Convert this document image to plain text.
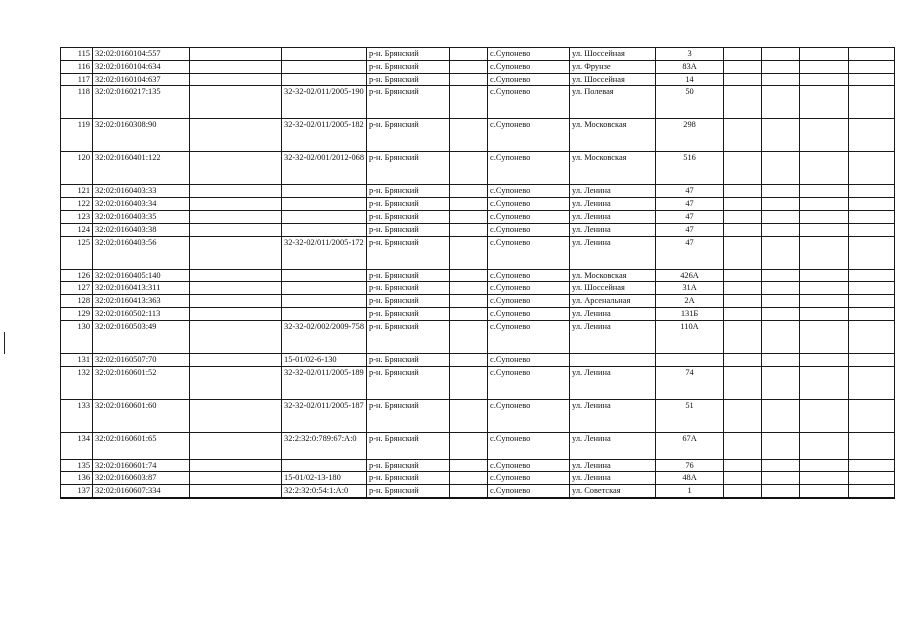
115	32:02:0160104:557			р-н. Брянский		с.Супонево	ул. Шоссейная	3				
116	32:02:0160104:634			р-н. Брянский		с.Супонево	ул. Фрунзе	83А				
117	32:02:0160104:637			р-н. Брянский		с.Супонево	ул. Шоссейная	14				
118	32:02:0160217:135		32-32-02/011/2005-190	р-н. Брянский		с.Супонево	ул. Полевая	50				
119	32:02:0160308:90		32-32-02/011/2005-182	р-н. Брянский		с.Супонево	ул. Московская	298				
120	32:02:0160401:122		32-32-02/001/2012-068	р-н. Брянский		с.Супонево	ул. Московская	516				
121	32:02:0160403:33			р-н. Брянский		с.Супонево	ул. Ленина	47				
122	32:02:0160403:34			р-н. Брянский		с.Супонево	ул. Ленина	47				
123	32:02:0160403:35			р-н. Брянский		с.Супонево	ул. Ленина	47				
124	32:02:0160403:38			р-н. Брянский		с.Супонево	ул. Ленина	47				
125	32:02:0160403:56		32-32-02/011/2005-172	р-н. Брянский		с.Супонево	ул. Ленина	47				
126	32:02:0160405:140			р-н. Брянский		с.Супонево	ул. Московская	426А				
127	32:02:0160413:311			р-н. Брянский		с.Супонево	ул. Шоссейная	31А				
128	32:02:0160413:363			р-н. Брянский		с.Супонево	ул. Арсенальная	2А				
129	32:02:0160502:113			р-н. Брянский		с.Супонево	ул. Ленина	131Б				
130	32:02:0160503:49		32-32-02/002/2009-758	р-н. Брянский		с.Супонево	ул. Ленина	110А				
131	32:02:0160507:70		15-01/02-6-130	р-н. Брянский		с.Супонево						
132	32:02:0160601:52		32-32-02/011/2005-189	р-н. Брянский		с.Супонево	ул. Ленина	74				
133	32:02:0160601:60		32-32-02/011/2005-187	р-н. Брянский		с.Супонево	ул. Ленина	51				
134	32:02:0160601:65		32:2:32:0:789:67:А:0	р-н. Брянский		с.Супонево	ул. Ленина	67А				
135	32:02:0160601:74			р-н. Брянский		с.Супонево	ул. Ленина	76				
136	32:02:0160603:87		15-01/02-13-180	р-н. Брянский		с.Супонево	ул. Ленина	48А				
137	32:02:0160607:334		32:2:32:0:54:1:А:0	р-н. Брянский		с.Супонево	ул. Советская	1				
